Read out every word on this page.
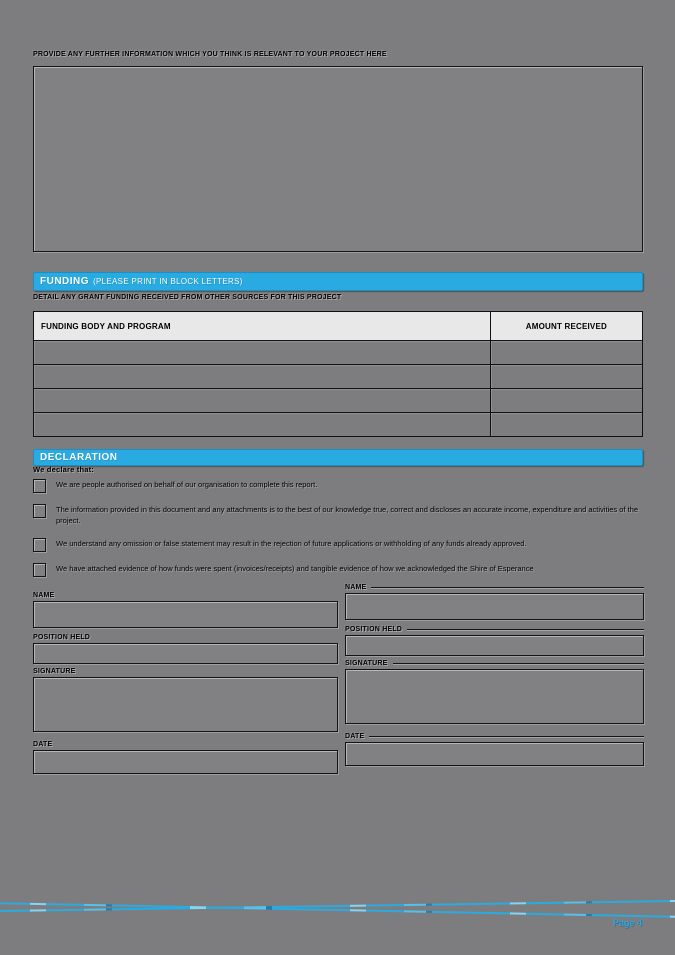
PROVIDE ANY FURTHER INFORMATION WHICH YOU THINK IS RELEVANT TO YOUR PROJECT HERE
FUNDING (PLEASE PRINT IN BLOCK LETTERS)
DETAIL ANY GRANT FUNDING RECEIVED FROM OTHER SOURCES FOR THIS PROJECT
FUNDING BODY AND PROGRAM	AMOUNT RECEIVED

DECLARATION
We declare that:
We are people authorised on behalf of our organisation to complete this report.
The information provided in this document and any attachments is to the best of our knowledge true, correct and discloses an accurate income, expenditure and activities of the project.
We understand any omission or false statement may result in the rejection of future applications or withholding of any funds already approved.
We have attached evidence of how funds were spent (invoices/receipts) and tangible evidence of how we acknowledged the Shire of Esperance
NAME
POSITION HELD
SIGNATURE
DATE
NAME
POSITION HELD
SIGNATURE
DATE
Page 4
